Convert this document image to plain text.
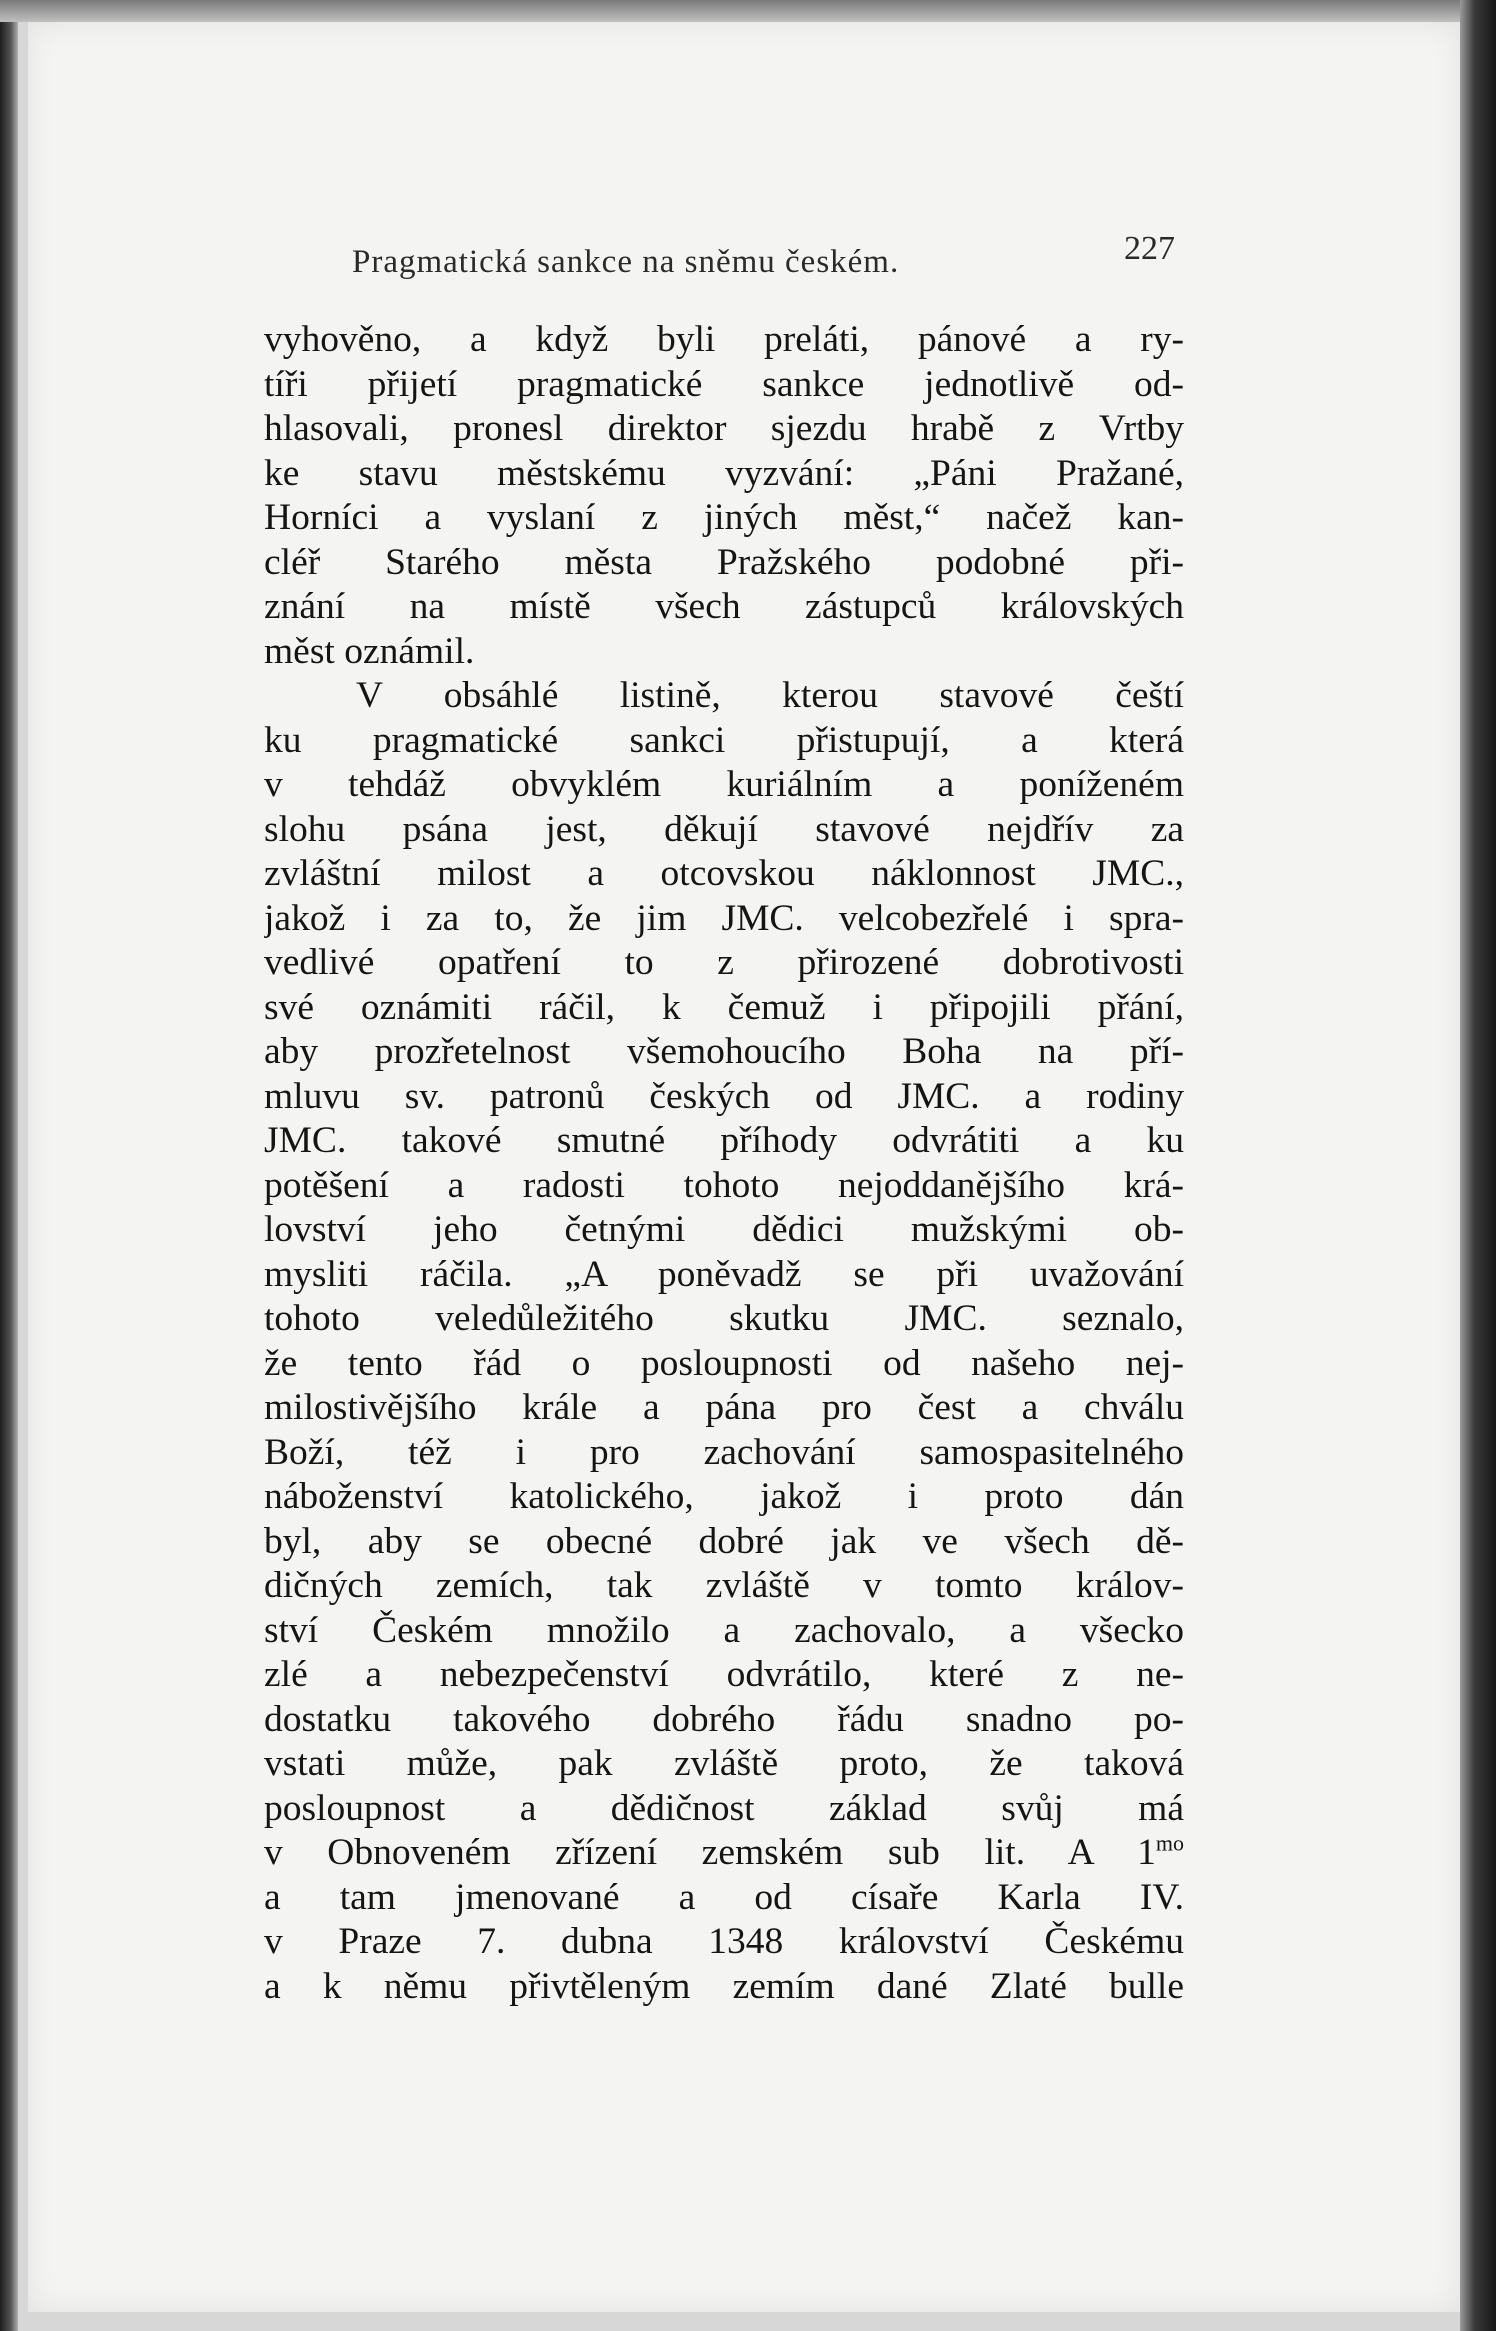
Pragmatická sankce na sněmu českém.	227
vyhověno, a když byli preláti, pánové a ry-
tíři přijetí pragmatické sankce jednotlivě od-
hlasovali, pronesl direktor sjezdu hrabě z Vrtby
ke stavu městskému vyzvání: „Páni Pražané,
Horníci a vyslaní z jiných měst,“ načež kan-
cléř Starého města Pražského podobné při-
znání na místě všech zástupců královských
měst oznámil.
V obsáhlé listině, kterou stavové čeští
ku pragmatické sankci přistupují, a která
v tehdáž obvyklém kuriálním a poníženém
slohu psána jest, děkují stavové nejdřív za
zvláštní milost a otcovskou náklonnost JMC.,
jakož i za to, že jim JMC. velcobezřelé i spra-
vedlivé opatření to z přirozené dobrotivosti
své oznámiti ráčil, k čemuž i připojili přání,
aby prozřetelnost všemohoucího Boha na pří-
mluvu sv. patronů českých od JMC. a rodiny
JMC. takové smutné příhody odvrátiti a ku
potěšení a radosti tohoto nejoddanějšího krá-
lovství jeho četnými dědici mužskými ob-
mysliti ráčila. „A poněvadž se při uvažování
tohoto veledůležitého skutku JMC. seznalo,
že tento řád o posloupnosti od našeho nej-
milostivějšího krále a pána pro čest a chválu
Boží, též i pro zachování samospasitelného
náboženství katolického, jakož i proto dán
byl, aby se obecné dobré jak ve všech dě-
dičných zemích, tak zvláště v tomto králov-
ství Českém množilo a zachovalo, a všecko
zlé a nebezpečenství odvrátilo, které z ne-
dostatku takového dobrého řádu snadno po-
vstati může, pak zvláště proto, že taková
posloupnost a dědičnost základ svůj má
v Obnoveném zřízení zemském sub lit. A $1^{mo}$
a tam jmenované a od císaře Karla IV.
v Praze 7. dubna 1348 království Českému
a k němu přivtěleným zemím dané Zlaté bulle
